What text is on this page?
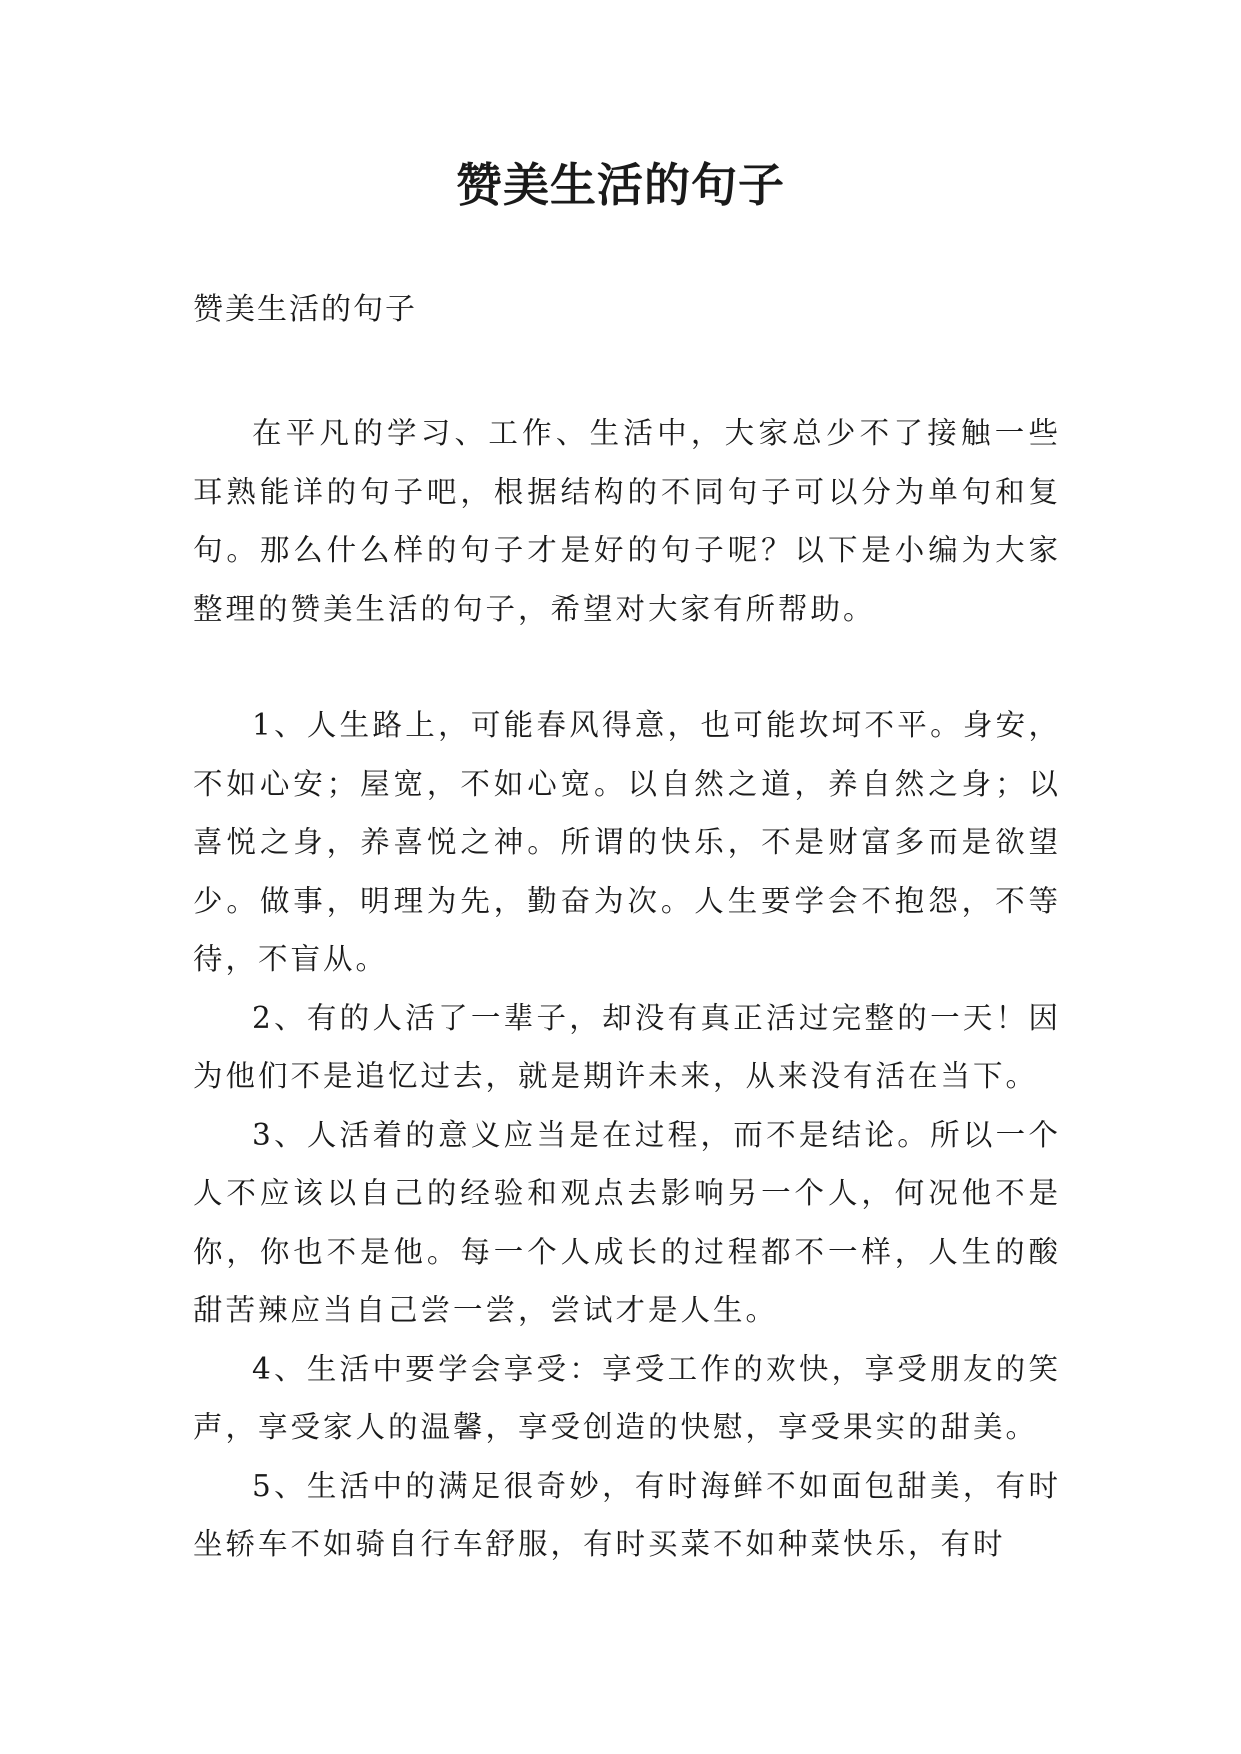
赞美生活的句子

赞美生活的句子

在平凡的学习、工作、生活中，大家总少不了接触一些耳熟能详的句子吧，根据结构的不同句子可以分为单句和复句。那么什么样的句子才是好的句子呢？以下是小编为大家整理的赞美生活的句子，希望对大家有所帮助。

1、人生路上，可能春风得意，也可能坎坷不平。身安，不如心安；屋宽，不如心宽。以自然之道，养自然之身；以喜悦之身，养喜悦之神。所谓的快乐，不是财富多而是欲望少。做事，明理为先，勤奋为次。人生要学会不抱怨，不等待，不盲从。

2、有的人活了一辈子，却没有真正活过完整的一天！因为他们不是追忆过去，就是期许未来，从来没有活在当下。

3、人活着的意义应当是在过程，而不是结论。所以一个人不应该以自己的经验和观点去影响另一个人，何况他不是你，你也不是他。每一个人成长的过程都不一样，人生的酸甜苦辣应当自己尝一尝，尝试才是人生。

4、生活中要学会享受：享受工作的欢快，享受朋友的笑声，享受家人的温馨，享受创造的快慰，享受果实的甜美。

5、生活中的满足很奇妙，有时海鲜不如面包甜美，有时坐轿车不如骑自行车舒服，有时买菜不如种菜快乐，有时
